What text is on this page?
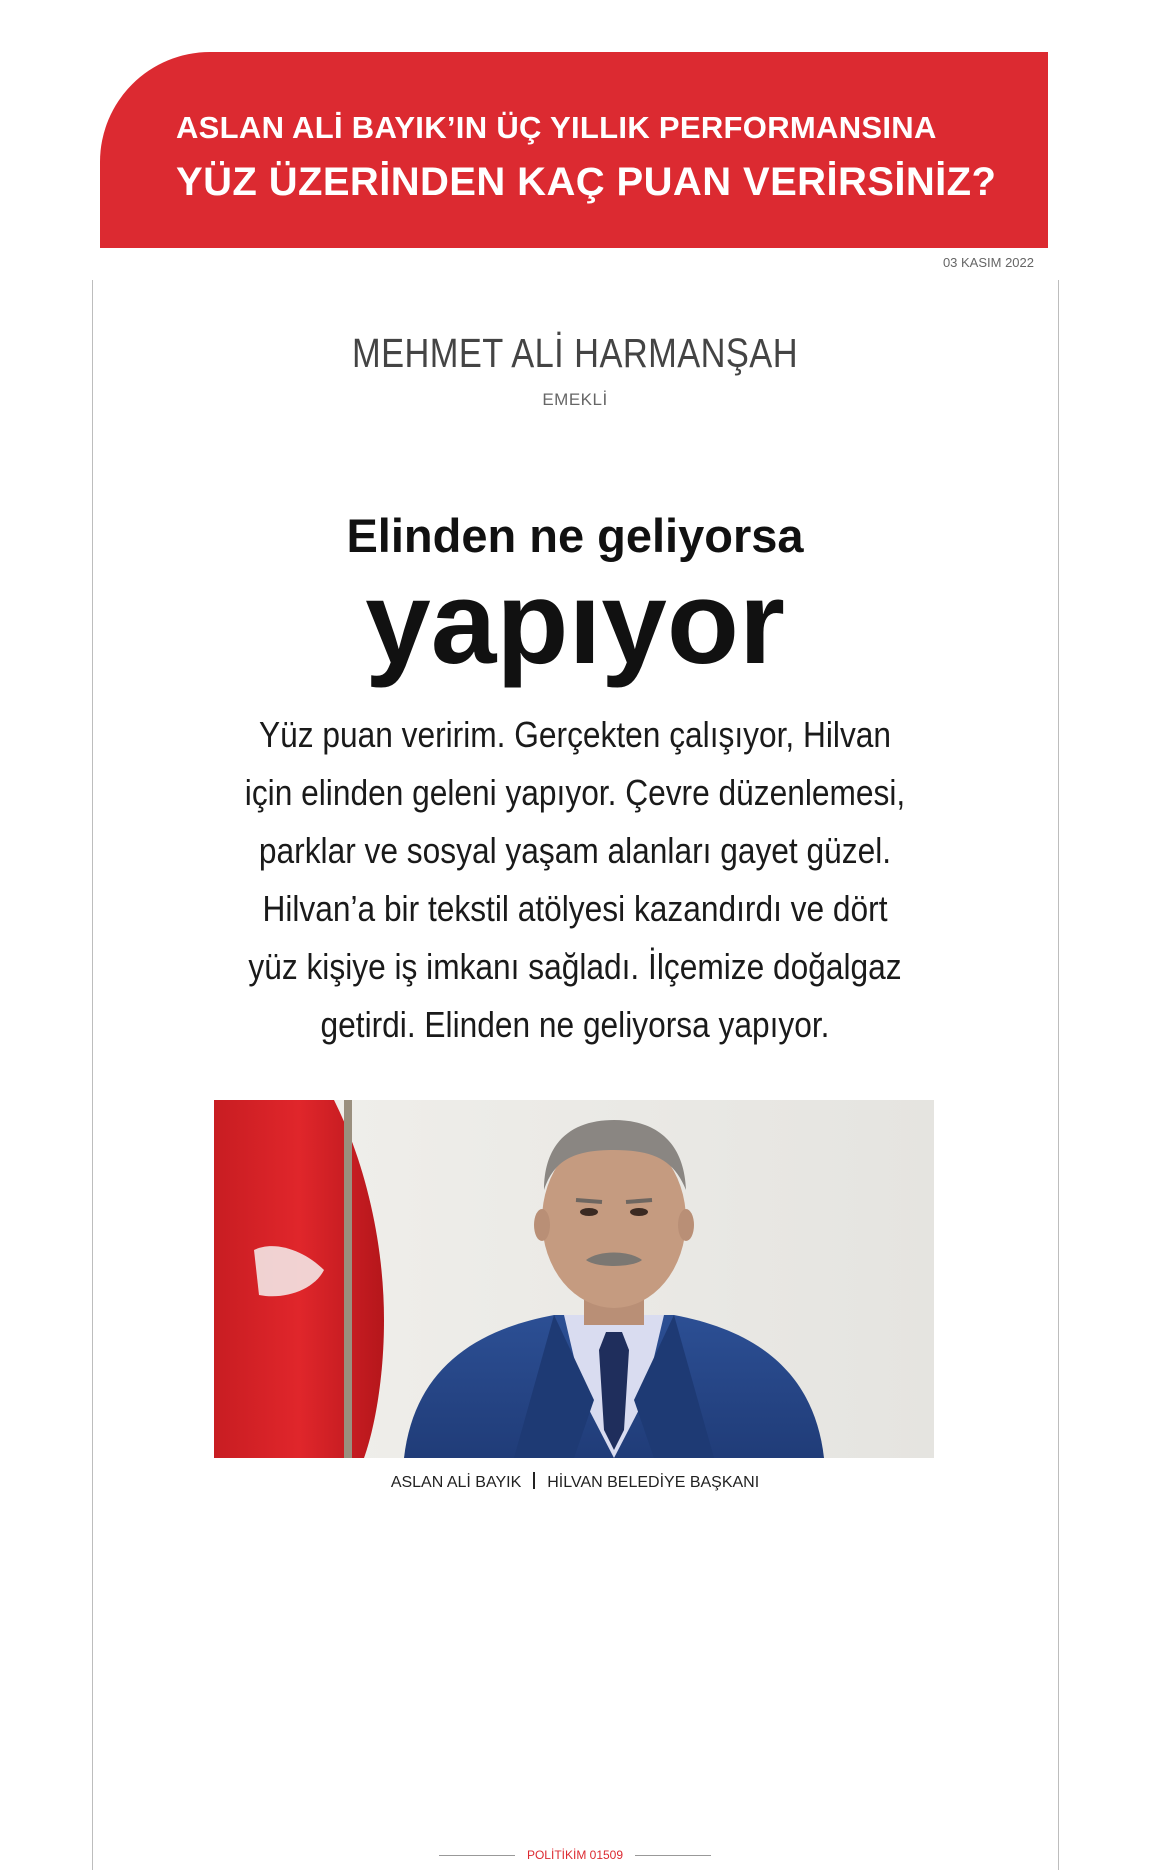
ASLAN ALİ BAYIK’IN ÜÇ YILLIK PERFORMANSINA
YÜZ ÜZERİNDEN KAÇ PUAN VERİRSİNİZ?
03 KASIM 2022
MEHMET ALİ HARMANŞAH
EMEKLİ
Elinden ne geliyorsa
yapıyor
Yüz puan veririm. Gerçekten çalışıyor, Hilvan
için elinden geleni yapıyor. Çevre düzenlemesi,
parklar ve sosyal yaşam alanları gayet güzel.
Hilvan’a bir tekstil atölyesi kazandırdı ve dört
yüz kişiye iş imkanı sağladı. İlçemize doğalgaz
getirdi. Elinden ne geliyorsa yapıyor.
ASLAN ALİ BAYIK HİLVAN BELEDİYE BAŞKANI
POLİTİKİM 01509
